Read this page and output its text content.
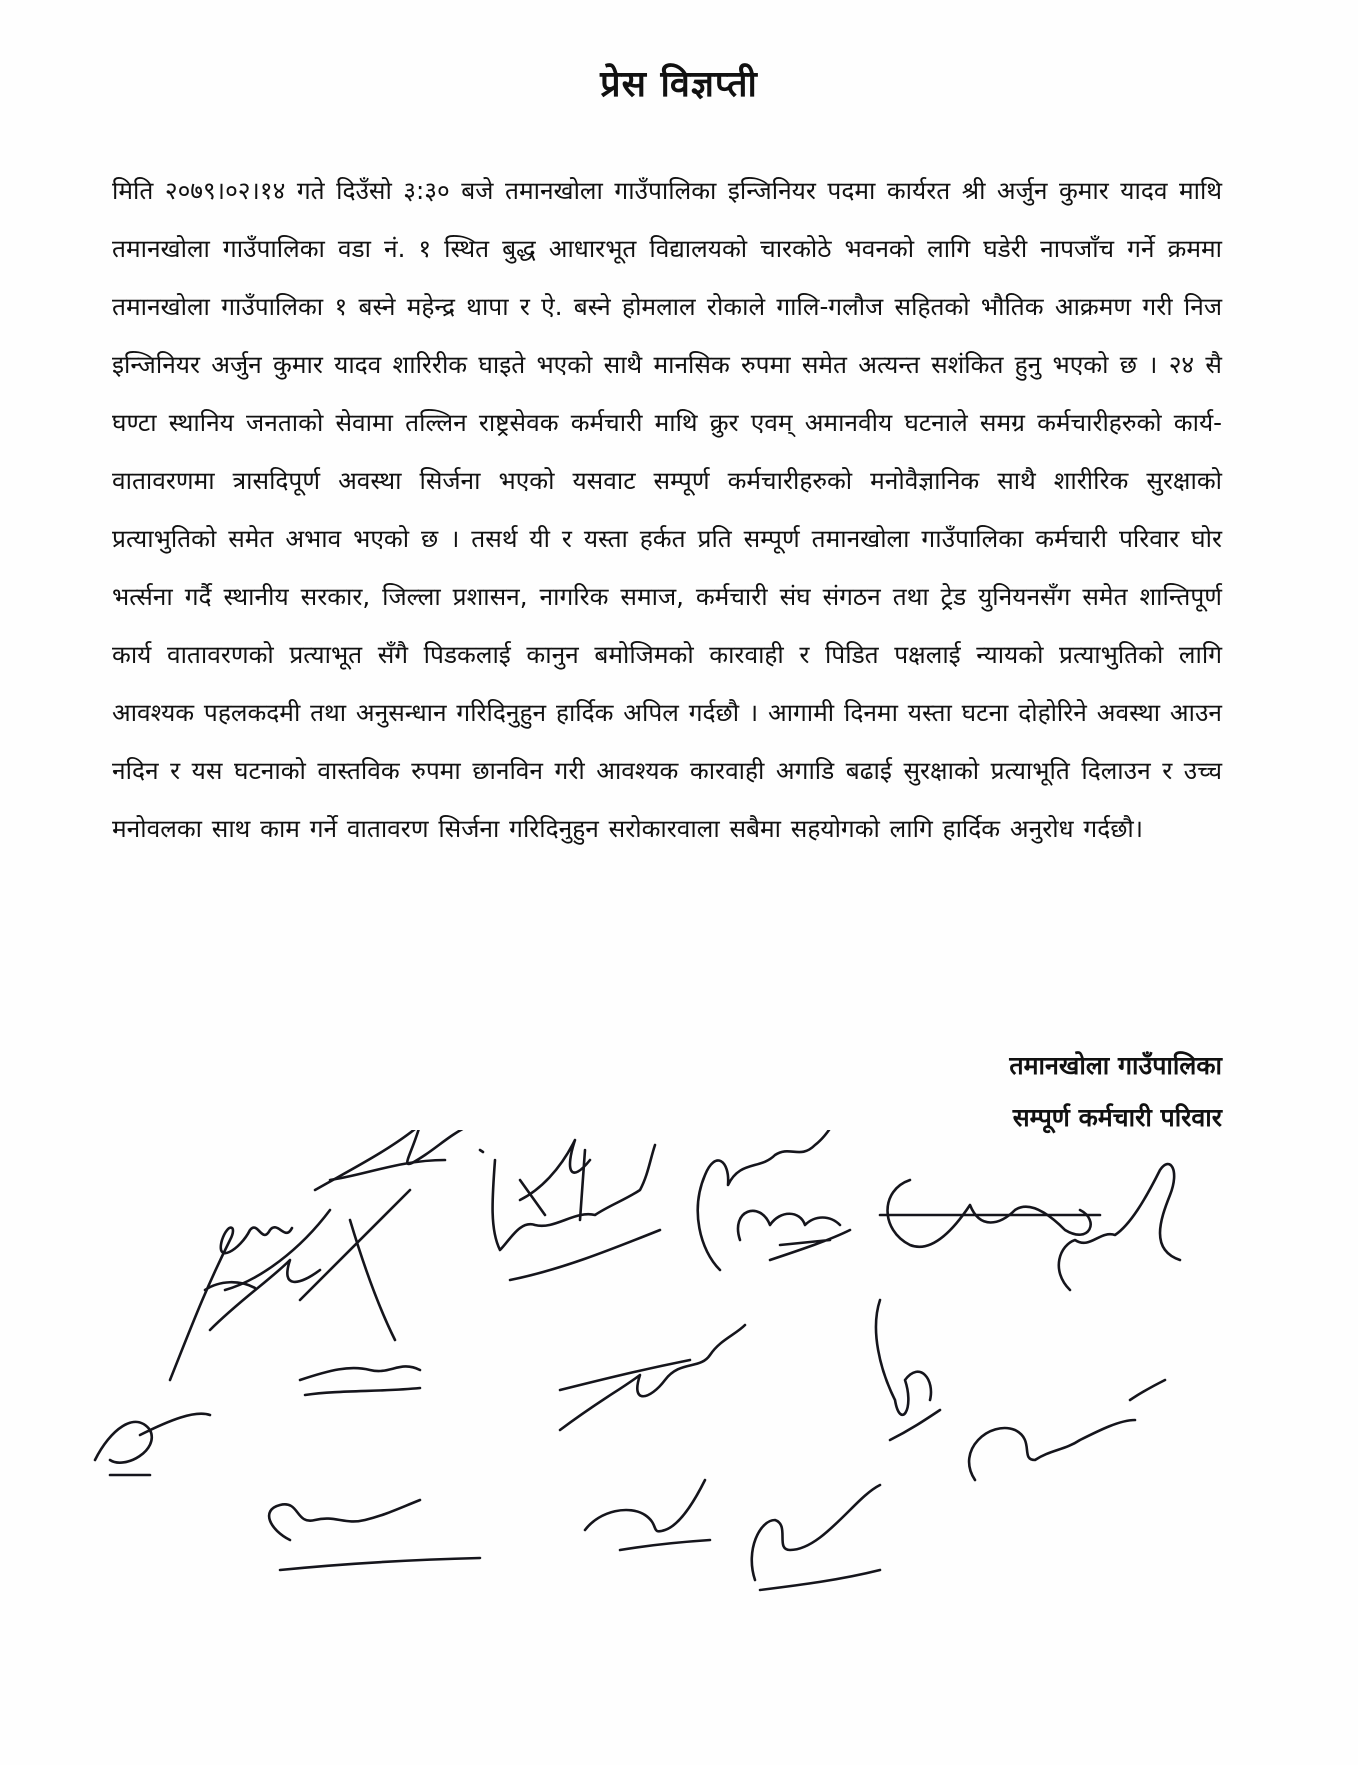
प्रेस विज्ञप्ती
मिति २०७९।०२।१४ गते दिउँसो ३:३० बजे तमानखोला गाउँपालिका इन्जिनियर पदमा कार्यरत श्री अर्जुन कुमार यादव माथि तमानखोला गाउँपालिका वडा नं. १ स्थित बुद्ध आधारभूत विद्यालयको चारकोठे भवनको लागि घडेरी नापजाँच गर्ने क्रममा तमानखोला गाउँपालिका १ बस्ने महेन्द्र थापा र ऐ. बस्ने होमलाल रोकाले गालि-गलौज सहितको भौतिक आक्रमण गरी निज इन्जिनियर अर्जुन कुमार यादव शारिरीक घाइते भएको साथै मानसिक रुपमा समेत अत्यन्त सशंकित हुनु भएको छ । २४ सै घण्टा स्थानिय जनताको सेवामा तल्लिन राष्ट्रसेवक कर्मचारी माथि क्रुर एवम् अमानवीय घटनाले समग्र कर्मचारीहरुको कार्य-वातावरणमा त्रासदिपूर्ण अवस्था सिर्जना भएको यसवाट सम्पूर्ण कर्मचारीहरुको मनोवैज्ञानिक साथै शारीरिक सुरक्षाको प्रत्याभुतिको समेत अभाव भएको छ । तसर्थ यी र यस्ता हर्कत प्रति सम्पूर्ण तमानखोला गाउँपालिका कर्मचारी परिवार घोर भर्त्सना गर्दै स्थानीय सरकार, जिल्ला प्रशासन, नागरिक समाज, कर्मचारी संघ संगठन तथा ट्रेड युनियनसँग समेत शान्तिपूर्ण कार्य वातावरणको प्रत्याभूत सँगै पिडकलाई कानुन बमोजिमको कारवाही र पिडित पक्षलाई न्यायको प्रत्याभुतिको लागि आवश्यक पहलकदमी तथा अनुसन्धान गरिदिनुहुन हार्दिक अपिल गर्दछौ । आगामी दिनमा यस्ता घटना दोहोरिने अवस्था आउन नदिन र यस घटनाको वास्तविक रुपमा छानविन गरी आवश्यक कारवाही अगाडि बढाई सुरक्षाको प्रत्याभूति दिलाउन र उच्च मनोवलका साथ काम गर्ने वातावरण सिर्जना गरिदिनुहुन सरोकारवाला सबैमा सहयोगको लागि हार्दिक अनुरोध गर्दछौ।
तमानखोला गाउँपालिका
सम्पूर्ण कर्मचारी परिवार
